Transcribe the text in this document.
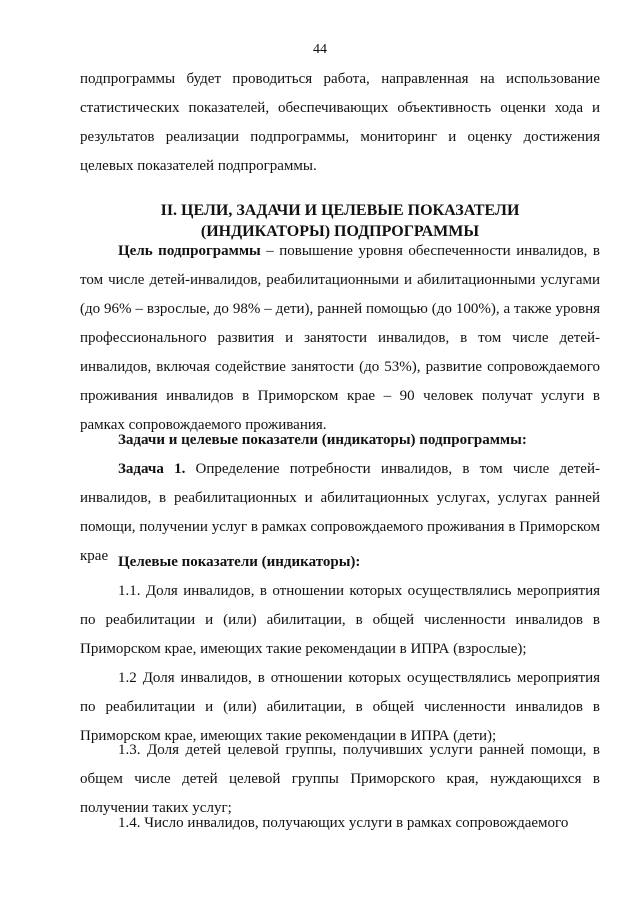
44

подпрограммы будет проводиться работа, направленная на использование статистических показателей, обеспечивающих объективность оценки хода и результатов реализации подпрограммы, мониторинг и оценку достижения целевых показателей подпрограммы.

II. ЦЕЛИ, ЗАДАЧИ И ЦЕЛЕВЫЕ ПОКАЗАТЕЛИ
(ИНДИКАТОРЫ) ПОДПРОГРАММЫ

Цель подпрограммы – повышение уровня обеспеченности инвалидов, в том числе детей-инвалидов, реабилитационными и абилитационными услугами (до 96% – взрослые, до 98% – дети), ранней помощью (до 100%), а также уровня профессионального развития и занятости инвалидов, в том числе детей-инвалидов, включая содействие занятости (до 53%), развитие сопровождаемого проживания инвалидов в Приморском крае – 90 человек получат услуги в рамках сопровождаемого проживания.

Задачи и целевые показатели (индикаторы) подпрограммы:

Задача 1. Определение потребности инвалидов, в том числе детей-инвалидов, в реабилитационных и абилитационных услугах, услугах ранней помощи, получении услуг в рамках сопровождаемого проживания в Приморском крае Целевые показатели (индикаторы):

1.1. Доля инвалидов, в отношении которых осуществлялись мероприятия по реабилитации и (или) абилитации, в общей численности инвалидов в Приморском крае, имеющих такие рекомендации в ИПРА (взрослые);

1.2 Доля инвалидов, в отношении которых осуществлялись мероприятия по реабилитации и (или) абилитации, в общей численности инвалидов в Приморском крае, имеющих такие рекомендации в ИПРА (дети);

1.3. Доля детей целевой группы, получивших услуги ранней помощи, в общем числе детей целевой группы Приморского края, нуждающихся в получении таких услуг;

1.4. Число инвалидов, получающих услуги в рамках сопровождаемого
